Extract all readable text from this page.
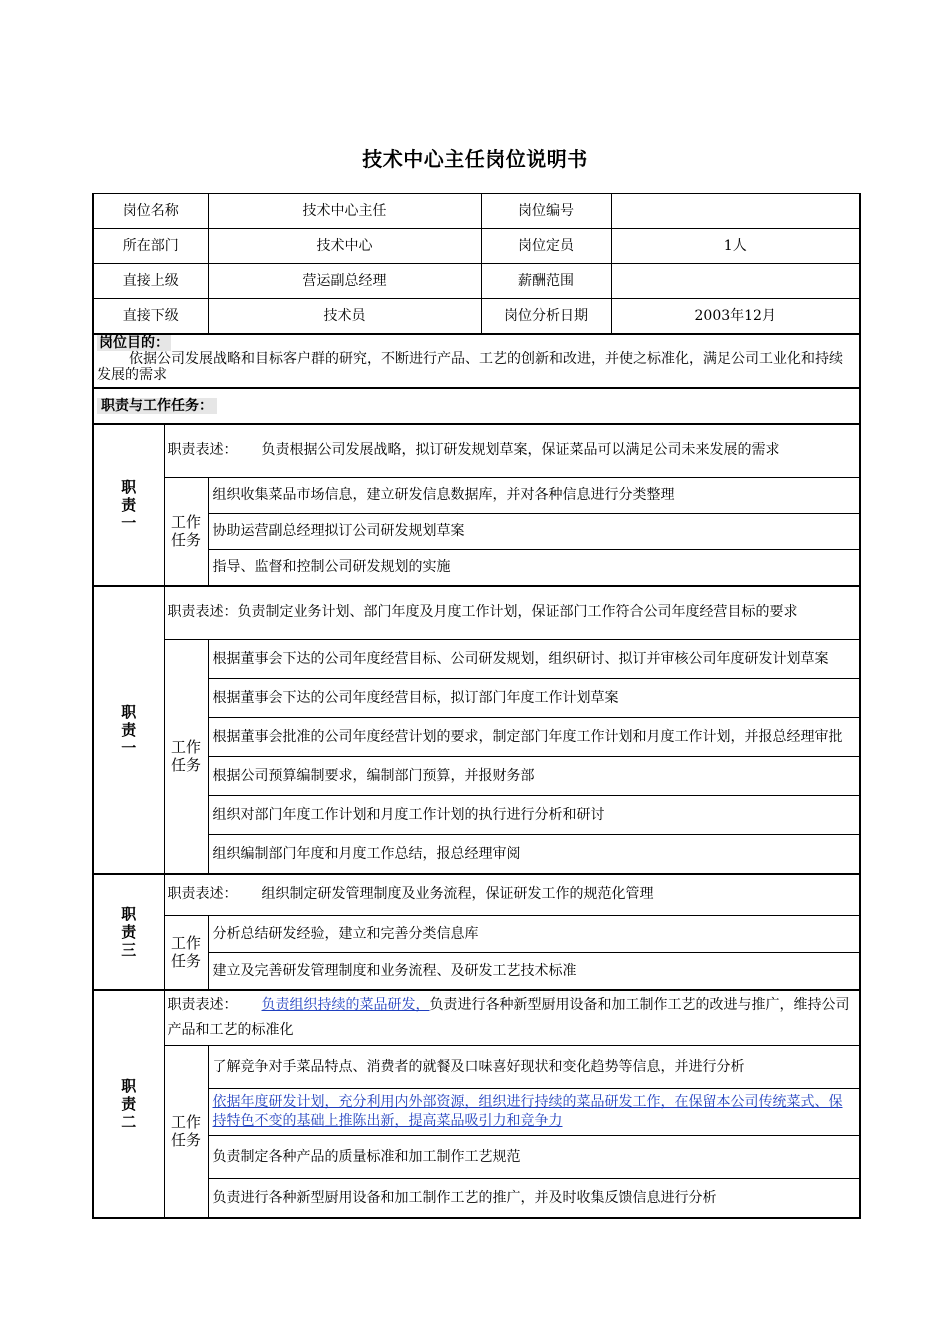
技术中心主任岗位说明书
岗位名称		技术中心主任	岗位编号	
所在部门		技术中心	岗位定员	1人
直接上级		营运副总经理	薪酬范围	
直接下级		技术员	岗位分析日期	2003年12月
岗位目的：
依据公司发展战略和目标客户群的研究，不断进行产品、工艺的创新和改进，并使之标准化，满足公司工业化和持续发展的需求				
职责与工作任务：				
职
责
一	职责表述： 负责根据公司发展战略，拟订研发规划草案，保证菜品可以满足公司未来发展的需求			
	工作任务	组织收集菜品市场信息，建立研发信息数据库，并对各种信息进行分类整理		
		协助运营副总经理拟订公司研发规划草案		
		指导、监督和控制公司研发规划的实施		
职
责
一	职责表述：负责制定业务计划、部门年度及月度工作计划，保证部门工作符合公司年度经营目标的要求			
	工作任务	根据董事会下达的公司年度经营目标、公司研发规划，组织研讨、拟订并审核公司年度研发计划草案		
		根据董事会下达的公司年度经营目标，拟订部门年度工作计划草案		
		根据董事会批准的公司年度经营计划的要求，制定部门年度工作计划和月度工作计划，并报总经理审批		
		根据公司预算编制要求，编制部门预算，并报财务部		
		组织对部门年度工作计划和月度工作计划的执行进行分析和研讨		
		组织编制部门年度和月度工作总结，报总经理审阅		
职
责
三	职责表述： 组织制定研发管理制度及业务流程，保证研发工作的规范化管理			
	工作任务	分析总结研发经验，建立和完善分类信息库		
		建立及完善研发管理制度和业务流程、及研发工艺技术标准		
职
责
二	职责表述： 负责组织持续的菜品研发，负责进行各种新型厨用设备和加工制作工艺的改进与推广，维持公司产品和工艺的标准化			
	工作任务	了解竞争对手菜品特点、消费者的就餐及口味喜好现状和变化趋势等信息，并进行分析		
		依据年度研发计划，充分利用内外部资源，组织进行持续的菜品研发工作，在保留本公司传统菜式、保持特色不变的基础上推陈出新，提高菜品吸引力和竞争力		
		负责制定各种产品的质量标准和加工制作工艺规范		
		负责进行各种新型厨用设备和加工制作工艺的推广，并及时收集反馈信息进行分析		
